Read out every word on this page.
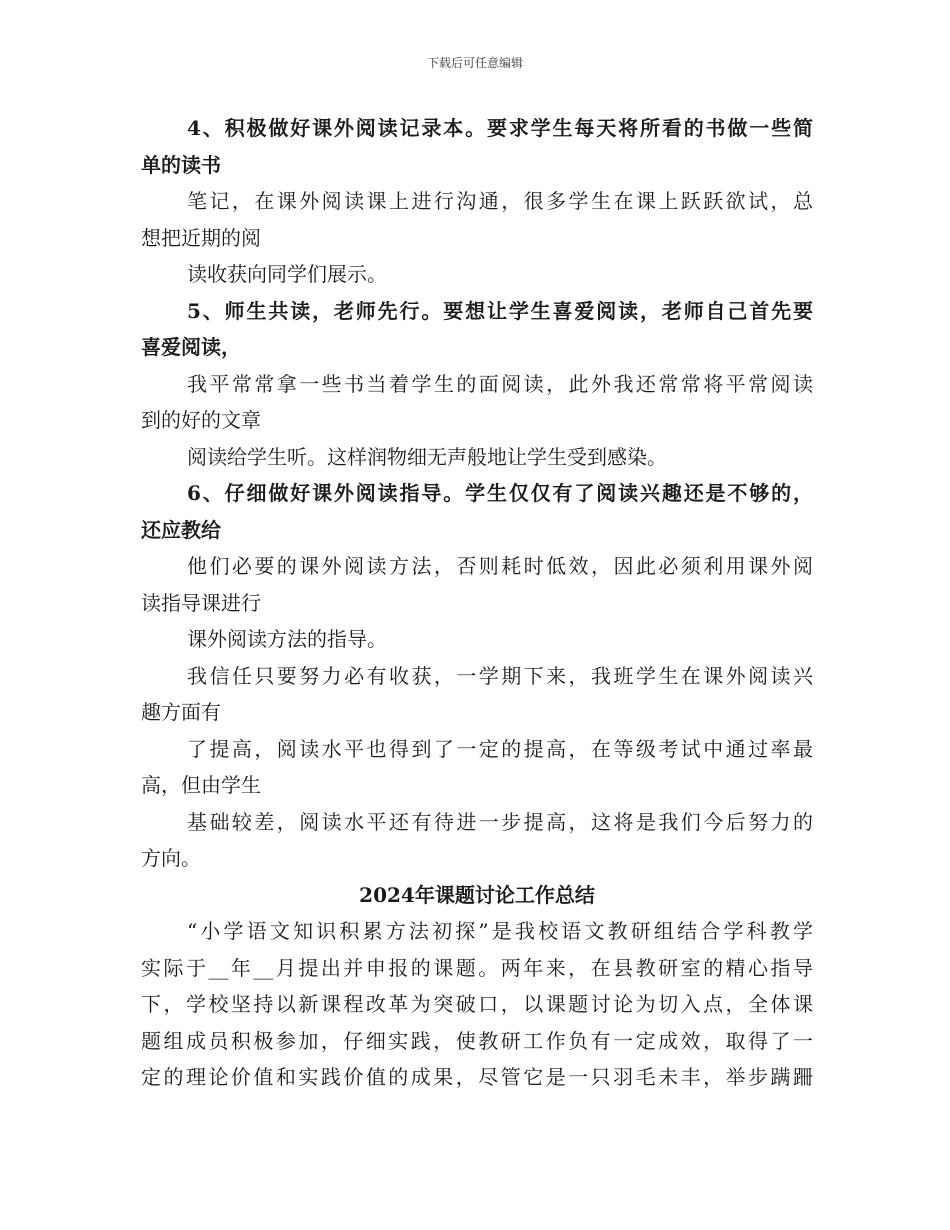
下载后可任意编辑
4、积极做好课外阅读记录本。要求学生每天将所看的书做一些简
单的读书
笔记，在课外阅读课上进行沟通，很多学生在课上跃跃欲试，总
想把近期的阅
读收获向同学们展示。
5、师生共读，老师先行。要想让学生喜爱阅读，老师自己首先要
喜爱阅读，
我平常常拿一些书当着学生的面阅读，此外我还常常将平常阅读
到的好的文章
阅读给学生听。这样润物细无声般地让学生受到感染。
6、仔细做好课外阅读指导。学生仅仅有了阅读兴趣还是不够的，
还应教给
他们必要的课外阅读方法，否则耗时低效，因此必须利用课外阅
读指导课进行
课外阅读方法的指导。
我信任只要努力必有收获，一学期下来，我班学生在课外阅读兴
趣方面有
了提高，阅读水平也得到了一定的提高，在等级考试中通过率最
高，但由学生
基础较差，阅读水平还有待进一步提高，这将是我们今后努力的
方向。
2024年课题讨论工作总结
“小学语文知识积累方法初探”是我校语文教研组结合学科教学
实际于__年__月提出并申报的课题。两年来，在县教研室的精心指导
下，学校坚持以新课程改革为突破口，以课题讨论为切入点，全体课
题组成员积极参加，仔细实践，使教研工作负有一定成效，取得了一
定的理论价值和实践价值的成果，尽管它是一只羽毛未丰，举步蹒跚
